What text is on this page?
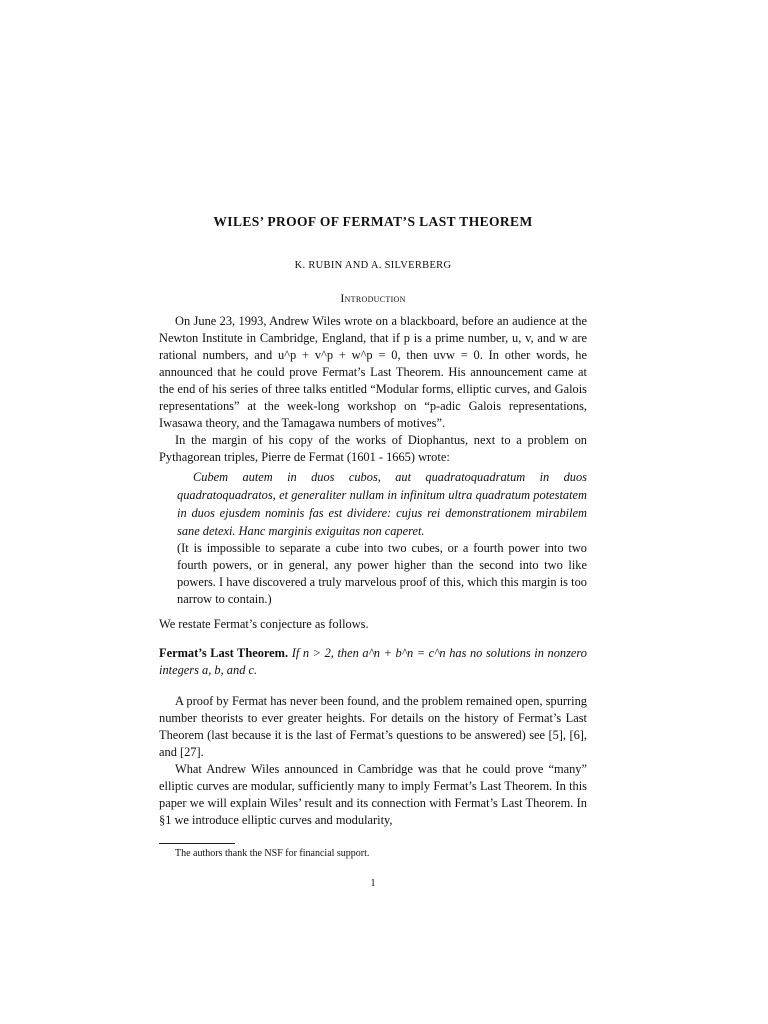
WILES’ PROOF OF FERMAT’S LAST THEOREM
K. RUBIN AND A. SILVERBERG
Introduction

On June 23, 1993, Andrew Wiles wrote on a blackboard, before an audience at the Newton Institute in Cambridge, England, that if p is a prime number, u, v, and w are rational numbers, and u^p + v^p + w^p = 0, then uvw = 0. In other words, he announced that he could prove Fermat’s Last Theorem. His announcement came at the end of his series of three talks entitled “Modular forms, elliptic curves, and Galois representations” at the week-long workshop on “p-adic Galois representations, Iwasawa theory, and the Tamagawa numbers of motives”.

In the margin of his copy of the works of Diophantus, next to a problem on Pythagorean triples, Pierre de Fermat (1601 - 1665) wrote:

Cubem autem in duos cubos, aut quadratoquadratum in duos quadratoquadratos, et generaliter nullam in infinitum ultra quadratum potestatem in duos ejusdem nominis fas est dividere: cujus rei demonstrationem mirabilem sane detexi. Hanc marginis exiguitas non caperet.

(It is impossible to separate a cube into two cubes, or a fourth power into two fourth powers, or in general, any power higher than the second into two like powers. I have discovered a truly marvelous proof of this, which this margin is too narrow to contain.)

We restate Fermat’s conjecture as follows.

Fermat’s Last Theorem. If n > 2, then a^n + b^n = c^n has no solutions in nonzero integers a, b, and c.

A proof by Fermat has never been found, and the problem remained open, spurring number theorists to ever greater heights. For details on the history of Fermat’s Last Theorem (last because it is the last of Fermat’s questions to be answered) see [5], [6], and [27].

What Andrew Wiles announced in Cambridge was that he could prove “many” elliptic curves are modular, sufficiently many to imply Fermat’s Last Theorem. In this paper we will explain Wiles’ result and its connection with Fermat’s Last Theorem. In §1 we introduce elliptic curves and modularity,

The authors thank the NSF for financial support.
1
